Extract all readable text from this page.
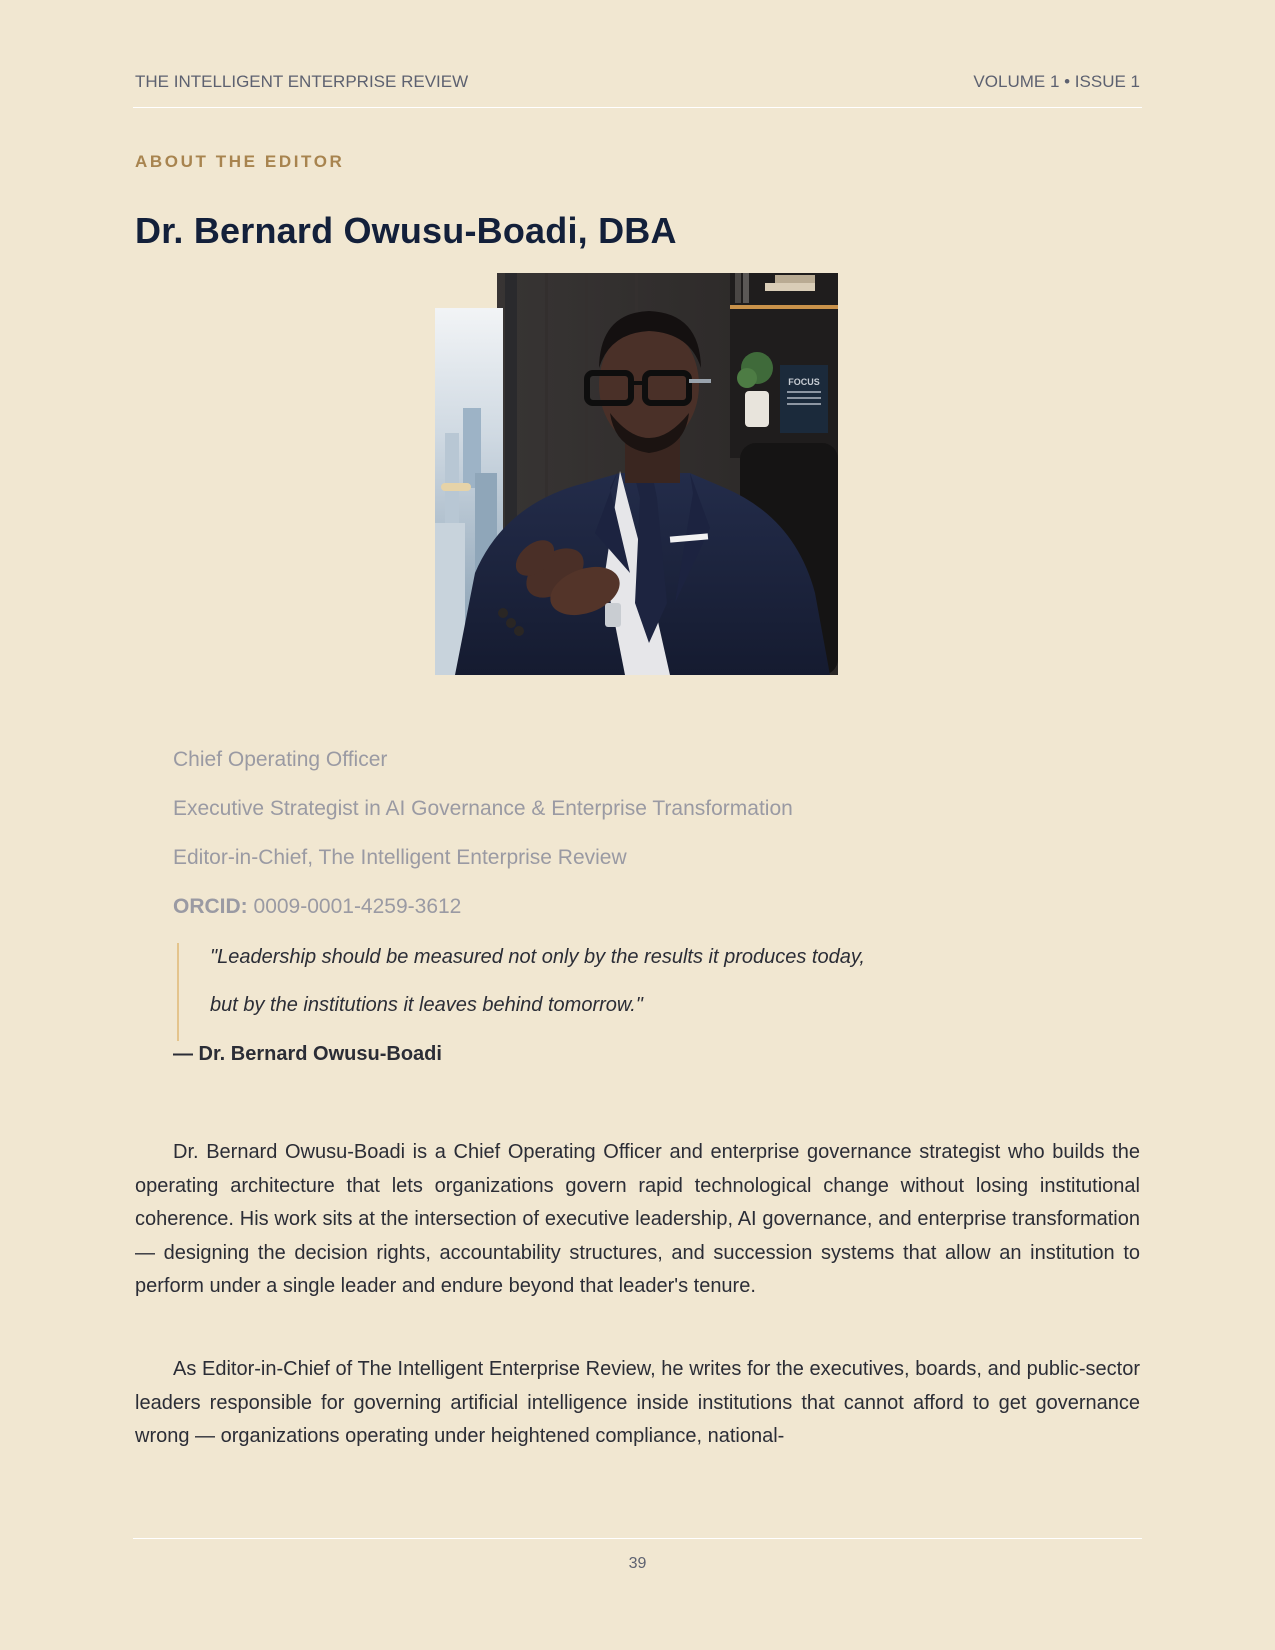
THE INTELLIGENT ENTERPRISE REVIEW	VOLUME 1 • ISSUE 1
ABOUT THE EDITOR
Dr. Bernard Owusu-Boadi, DBA
FOCUS
Chief Operating Officer
Executive Strategist in AI Governance & Enterprise Transformation
Editor-in-Chief, The Intelligent Enterprise Review
ORCID: 0009-0001-4259-3612
"Leadership should be measured not only by the results it produces today,
but by the institutions it leaves behind tomorrow."
— Dr. Bernard Owusu-Boadi

Dr. Bernard Owusu-Boadi is a Chief Operating Officer and enterprise governance strategist who builds the operating architecture that lets organizations govern rapid technological change without losing institutional coherence. His work sits at the intersection of executive leadership, AI governance, and enterprise transformation — designing the decision rights, accountability structures, and succession systems that allow an institution to perform under a single leader and endure beyond that leader's tenure.

As Editor-in-Chief of The Intelligent Enterprise Review, he writes for the executives, boards, and public-sector leaders responsible for governing artificial intelligence inside institutions that cannot afford to get governance wrong — organizations operating under heightened compliance, national-

39
